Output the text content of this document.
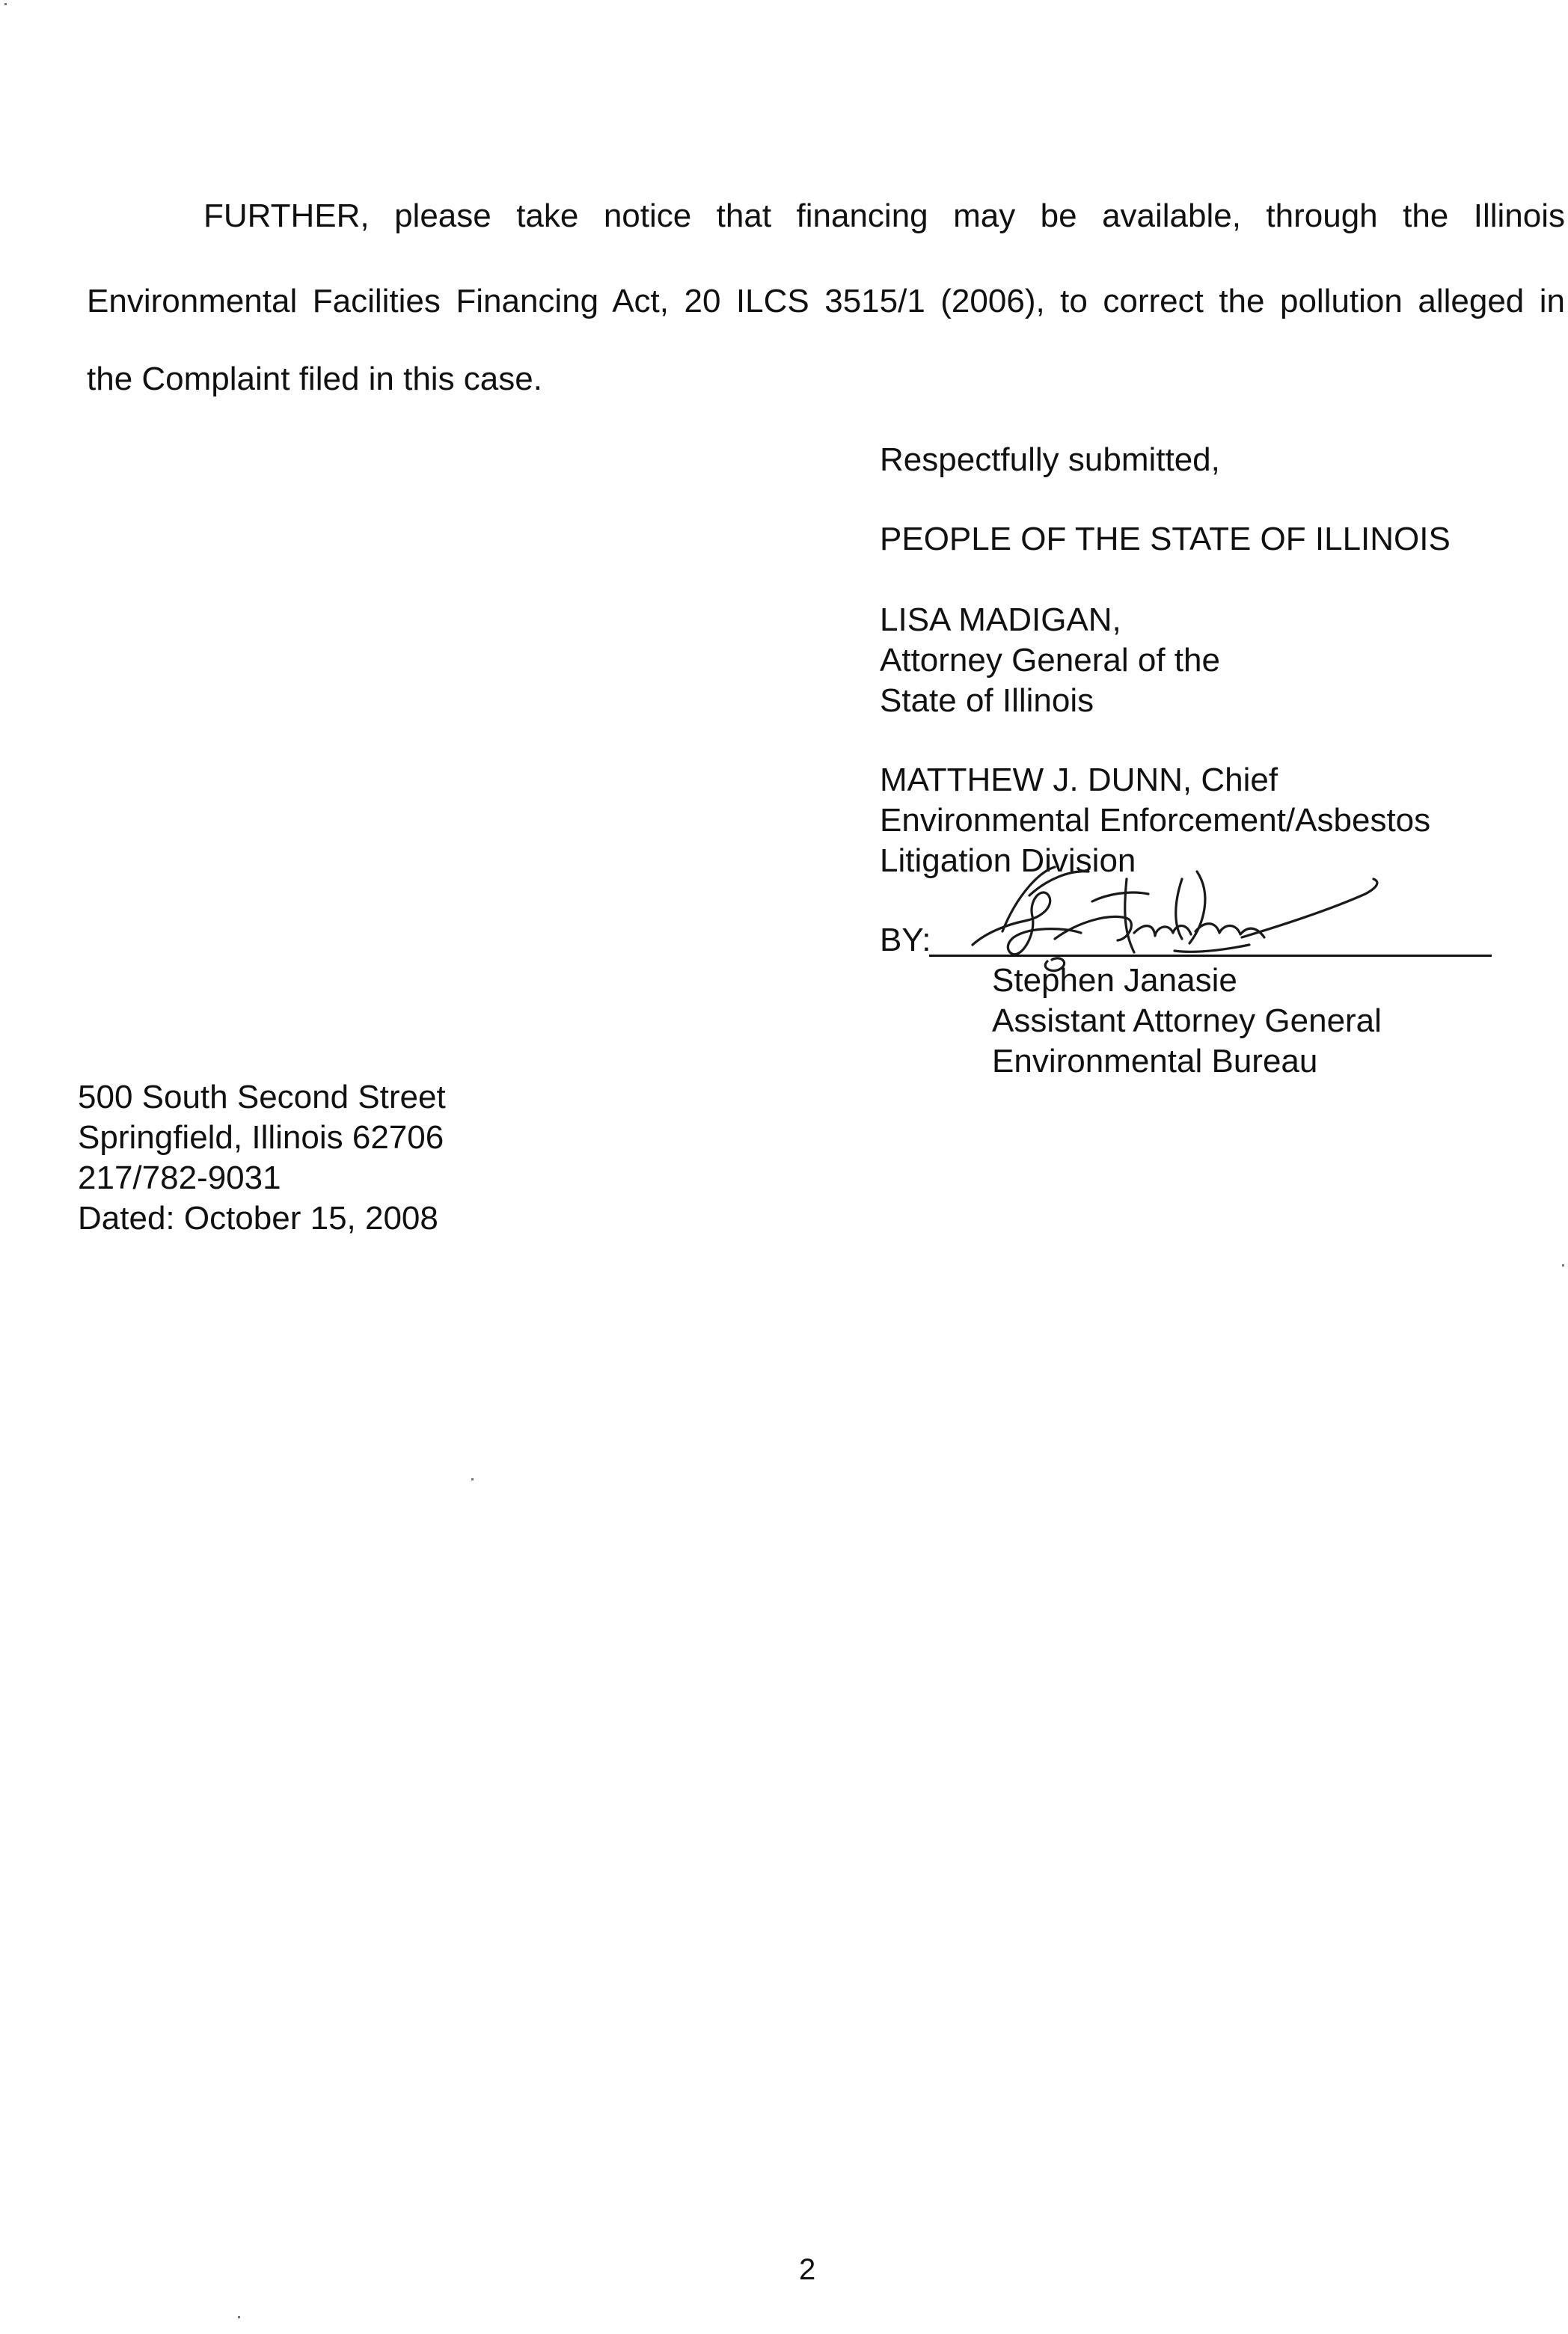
FURTHER, please take notice that financing may be available, through the Illinois
Environmental Facilities Financing Act, 20 ILCS 3515/1 (2006), to correct the pollution alleged in
the Complaint filed in this case.
Respectfully submitted,
PEOPLE OF THE STATE OF ILLINOIS
LISA MADIGAN,
Attorney General of the
State of Illinois
MATTHEW J. DUNN, Chief
Environmental Enforcement/Asbestos
Litigation Division
BY:
Stephen Janasie
Assistant Attorney General
Environmental Bureau
500 South Second Street
Springfield, Illinois 62706
217/782-9031
Dated: October 15, 2008
2
